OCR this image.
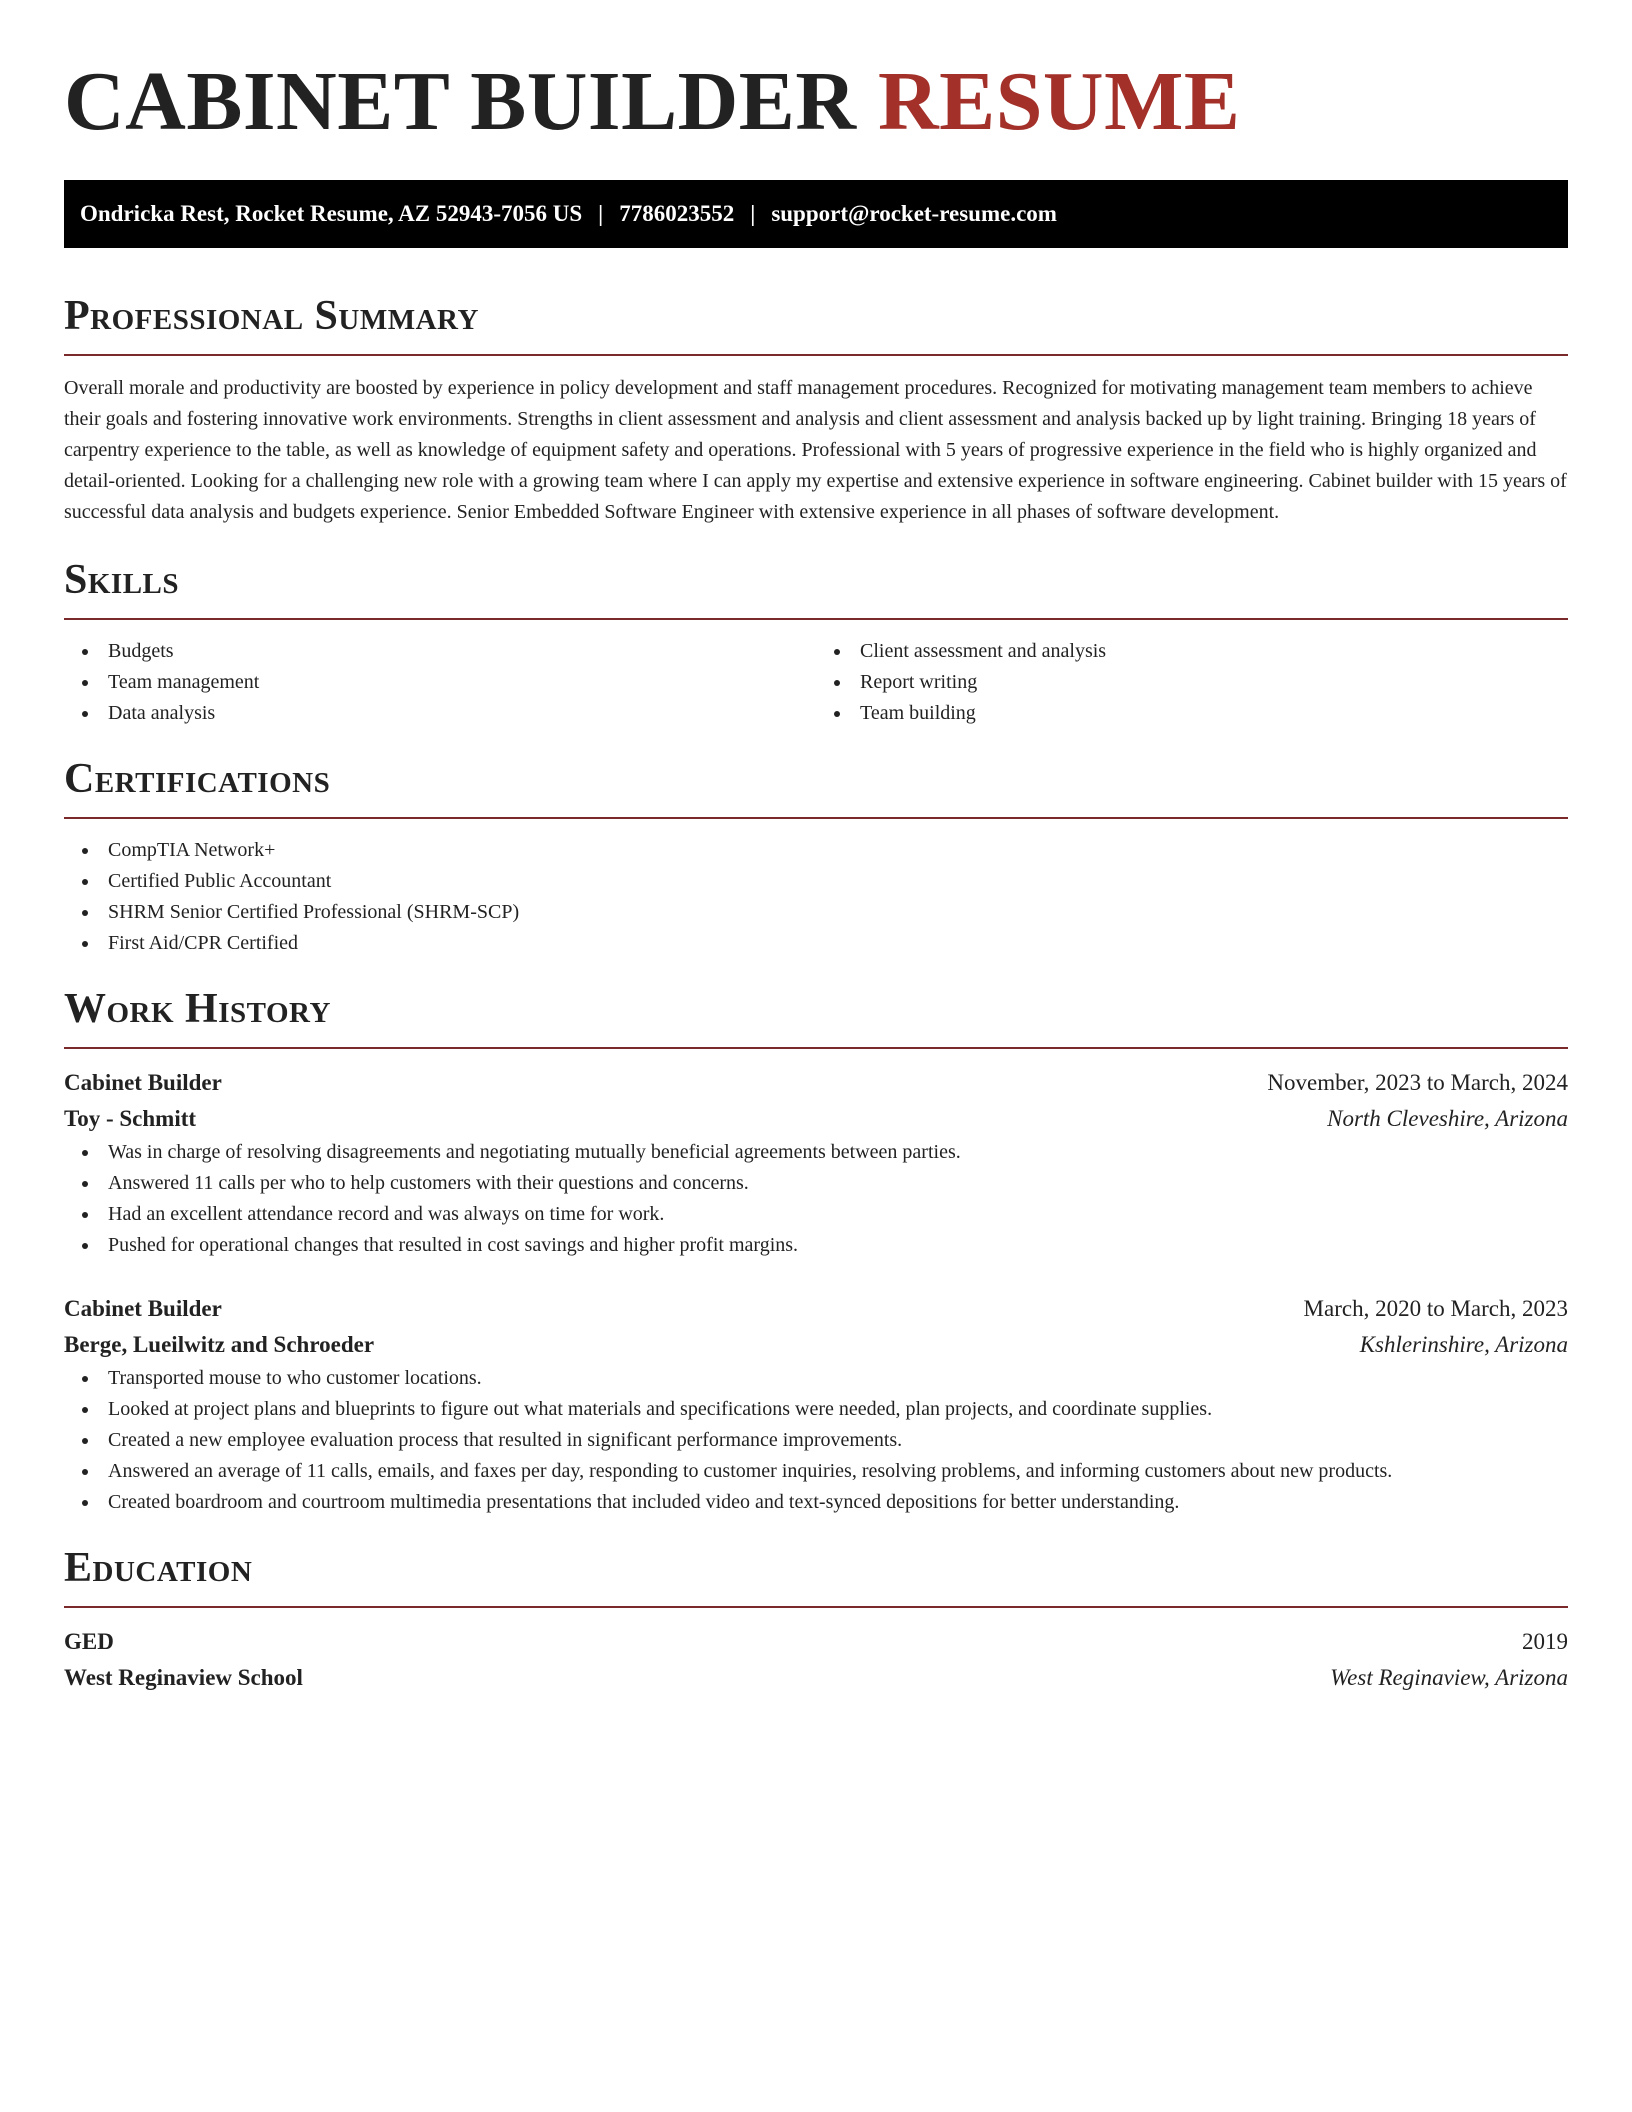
CABINET BUILDER RESUME
Ondricka Rest, Rocket Resume, AZ 52943-7056 US | 7786023552 | support@rocket-resume.com
Professional Summary

Overall morale and productivity are boosted by experience in policy development and staff management procedures. Recognized for motivating management team members to achieve their goals and fostering innovative work environments. Strengths in client assessment and analysis and client assessment and analysis backed up by light training. Bringing 18 years of carpentry experience to the table, as well as knowledge of equipment safety and operations. Professional with 5 years of progressive experience in the field who is highly organized and detail-oriented. Looking for a challenging new role with a growing team where I can apply my expertise and extensive experience in software engineering. Cabinet builder with 15 years of successful data analysis and budgets experience. Senior Embedded Software Engineer with extensive experience in all phases of software development.

Skills
Budgets
Team management
Data analysis
Client assessment and analysis
Report writing
Team building
Certifications
CompTIA Network+
Certified Public Accountant
SHRM Senior Certified Professional (SHRM-SCP)
First Aid/CPR Certified
Work History
Cabinet Builder	November, 2023 to March, 2024
Toy - Schmitt	North Cleveshire, Arizona
Was in charge of resolving disagreements and negotiating mutually beneficial agreements between parties.
Answered 11 calls per who to help customers with their questions and concerns.
Had an excellent attendance record and was always on time for work.
Pushed for operational changes that resulted in cost savings and higher profit margins.
Cabinet Builder	March, 2020 to March, 2023
Berge, Lueilwitz and Schroeder	Kshlerinshire, Arizona
Transported mouse to who customer locations.
Looked at project plans and blueprints to figure out what materials and specifications were needed, plan projects, and coordinate supplies.
Created a new employee evaluation process that resulted in significant performance improvements.
Answered an average of 11 calls, emails, and faxes per day, responding to customer inquiries, resolving problems, and informing customers about new products.
Created boardroom and courtroom multimedia presentations that included video and text-synced depositions for better understanding.
Education
GED	2019
West Reginaview School	West Reginaview, Arizona
